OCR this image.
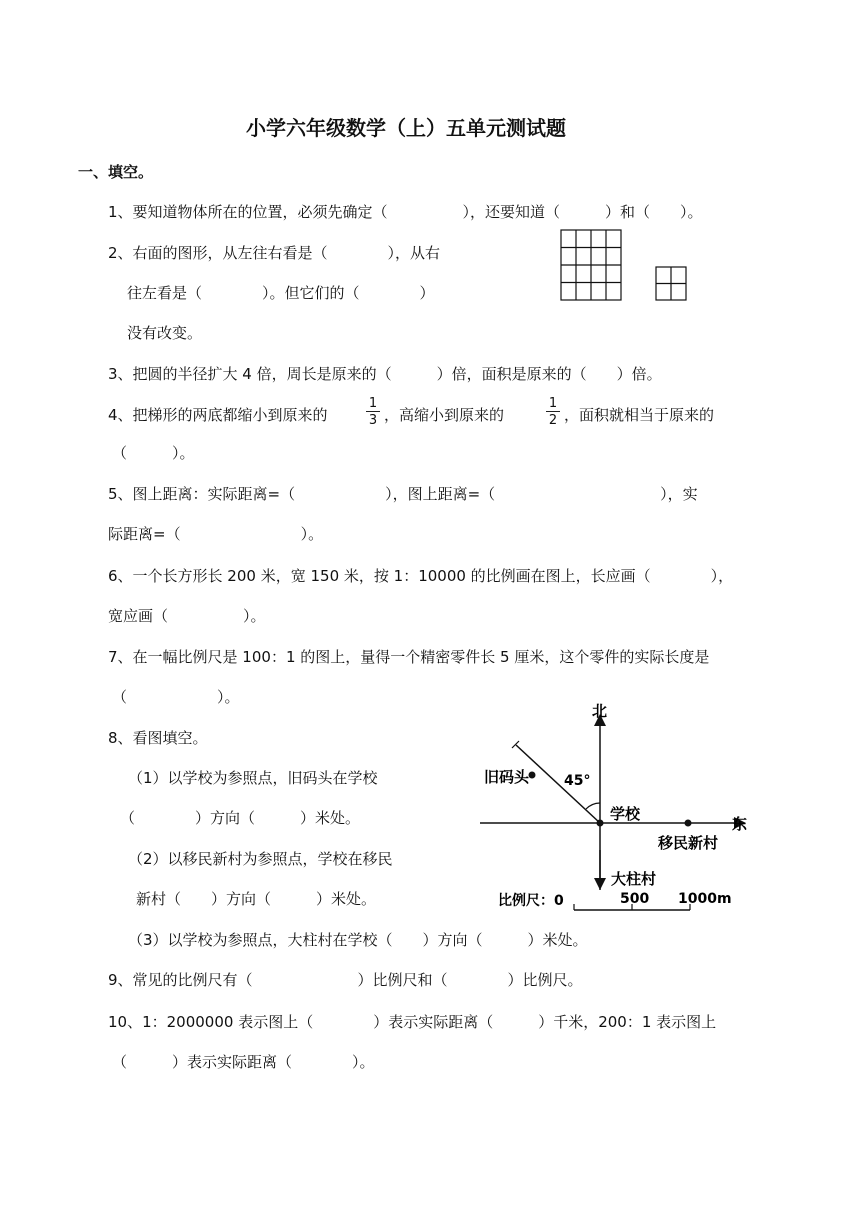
小学六年级数学（上）五单元测试题
一、填空。
1、要知道物体所在的位置，必须先确定（　　　　　），还要知道（　　　）和（　　）。
2、右面的图形，从左往右看是（　　　　），从右
往左看是（　　　　）。但它们的（　　　　）
没有改变。
3、把圆的半径扩大 4 倍，周长是原来的（　　　）倍，面积是原来的（　　）倍。
4、把梯形的两底都缩小到原来的	$\frac{1}{3}$ ，高缩小到原来的	$\frac{1}{2}$ ，面积就相当于原来的
（　　　）。
5、图上距离：实际距离=（　　　　　　），图上距离=（　　　　　　　　　　　），实
际距离=（　　　　　　　　）。
6、一个长方形长 200 米，宽 150 米，按 1：10000 的比例画在图上，长应画（　　　　），
宽应画（　　　　　）。
7、在一幅比例尺是 100：1 的图上，量得一个精密零件长 5 厘米，这个零件的实际长度是
（　　　　　　）。
8、看图填空。
（1）以学校为参照点，旧码头在学校
（　　　　）方向（　　　）米处。
（2）以移民新村为参照点，学校在移民
新村（　　）方向（　　　）米处。
（3）以学校为参照点，大柱村在学校（　　）方向（　　　）米处。
北
东
旧码头 45°
学校
移民新村
大柱村
比例尺：0	500 1000m
9、常见的比例尺有（　　　　　　　）比例尺和（　　　　）比例尺。
10、1：2000000 表示图上（　　　　）表示实际距离（　　　）千米，200：1 表示图上
（　　　）表示实际距离（　　　　）。
